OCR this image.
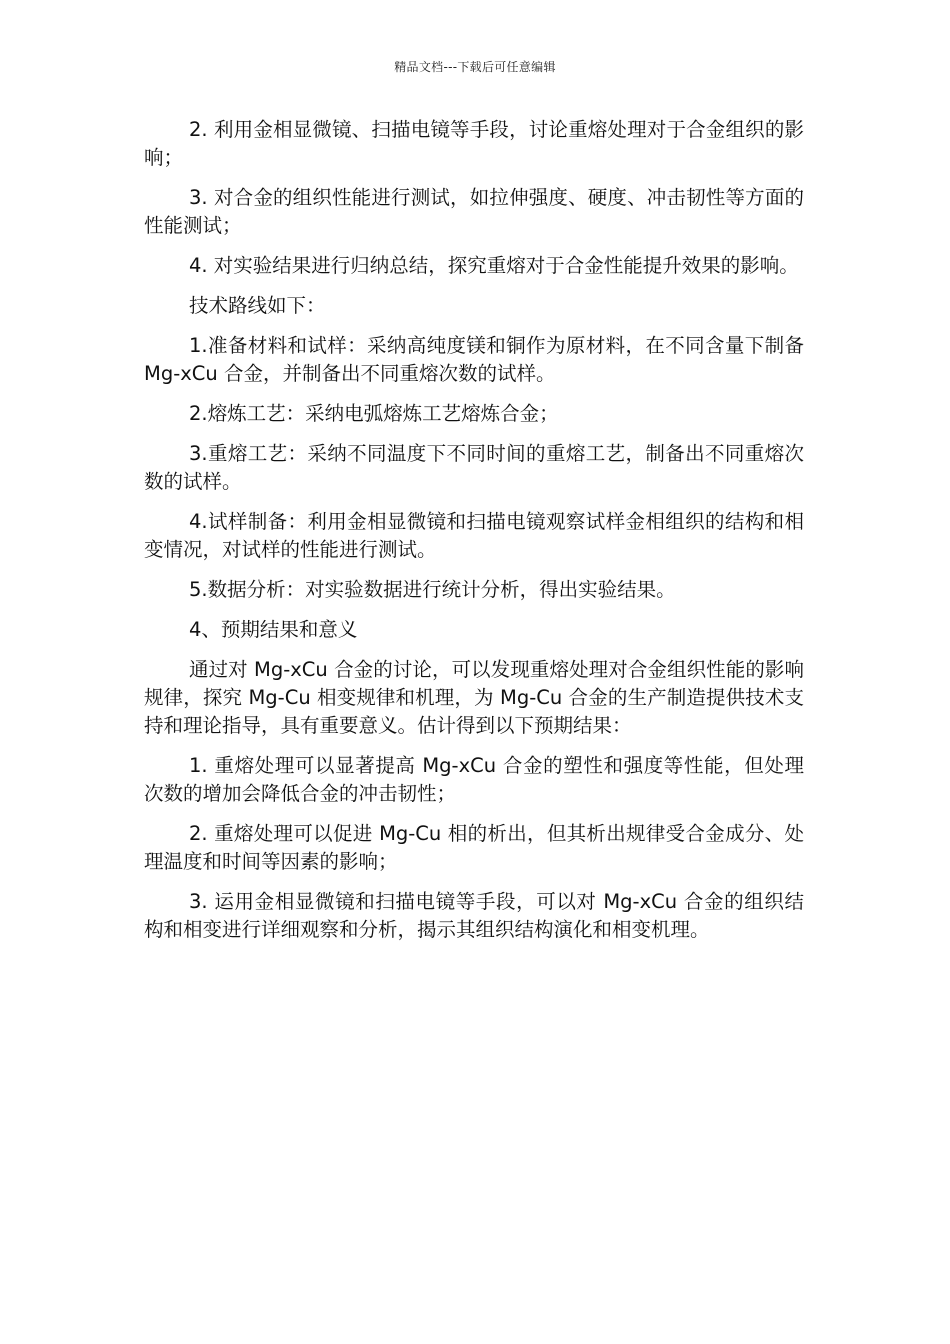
精品文档---下载后可任意编辑

2. 利用金相显微镜、扫描电镜等手段，讨论重熔处理对于合金组织的影响；

3. 对合金的组织性能进行测试，如拉伸强度、硬度、冲击韧性等方面的性能测试；

4. 对实验结果进行归纳总结，探究重熔对于合金性能提升效果的影响。

技术路线如下：

1.准备材料和试样：采纳高纯度镁和铜作为原材料，在不同含量下制备 Mg-xCu 合金，并制备出不同重熔次数的试样。

2.熔炼工艺：采纳电弧熔炼工艺熔炼合金；

3.重熔工艺：采纳不同温度下不同时间的重熔工艺，制备出不同重熔次数的试样。

4.试样制备：利用金相显微镜和扫描电镜观察试样金相组织的结构和相变情况，对试样的性能进行测试。

5.数据分析：对实验数据进行统计分析，得出实验结果。

4、预期结果和意义

通过对 Mg-xCu 合金的讨论，可以发现重熔处理对合金组织性能的影响规律，探究 Mg-Cu 相变规律和机理，为 Mg-Cu 合金的生产制造提供技术支持和理论指导，具有重要意义。估计得到以下预期结果：

1. 重熔处理可以显著提高 Mg-xCu 合金的塑性和强度等性能，但处理次数的增加会降低合金的冲击韧性；

2. 重熔处理可以促进 Mg-Cu 相的析出，但其析出规律受合金成分、处理温度和时间等因素的影响；

3. 运用金相显微镜和扫描电镜等手段，可以对 Mg-xCu 合金的组织结构和相变进行详细观察和分析，揭示其组织结构演化和相变机理。
